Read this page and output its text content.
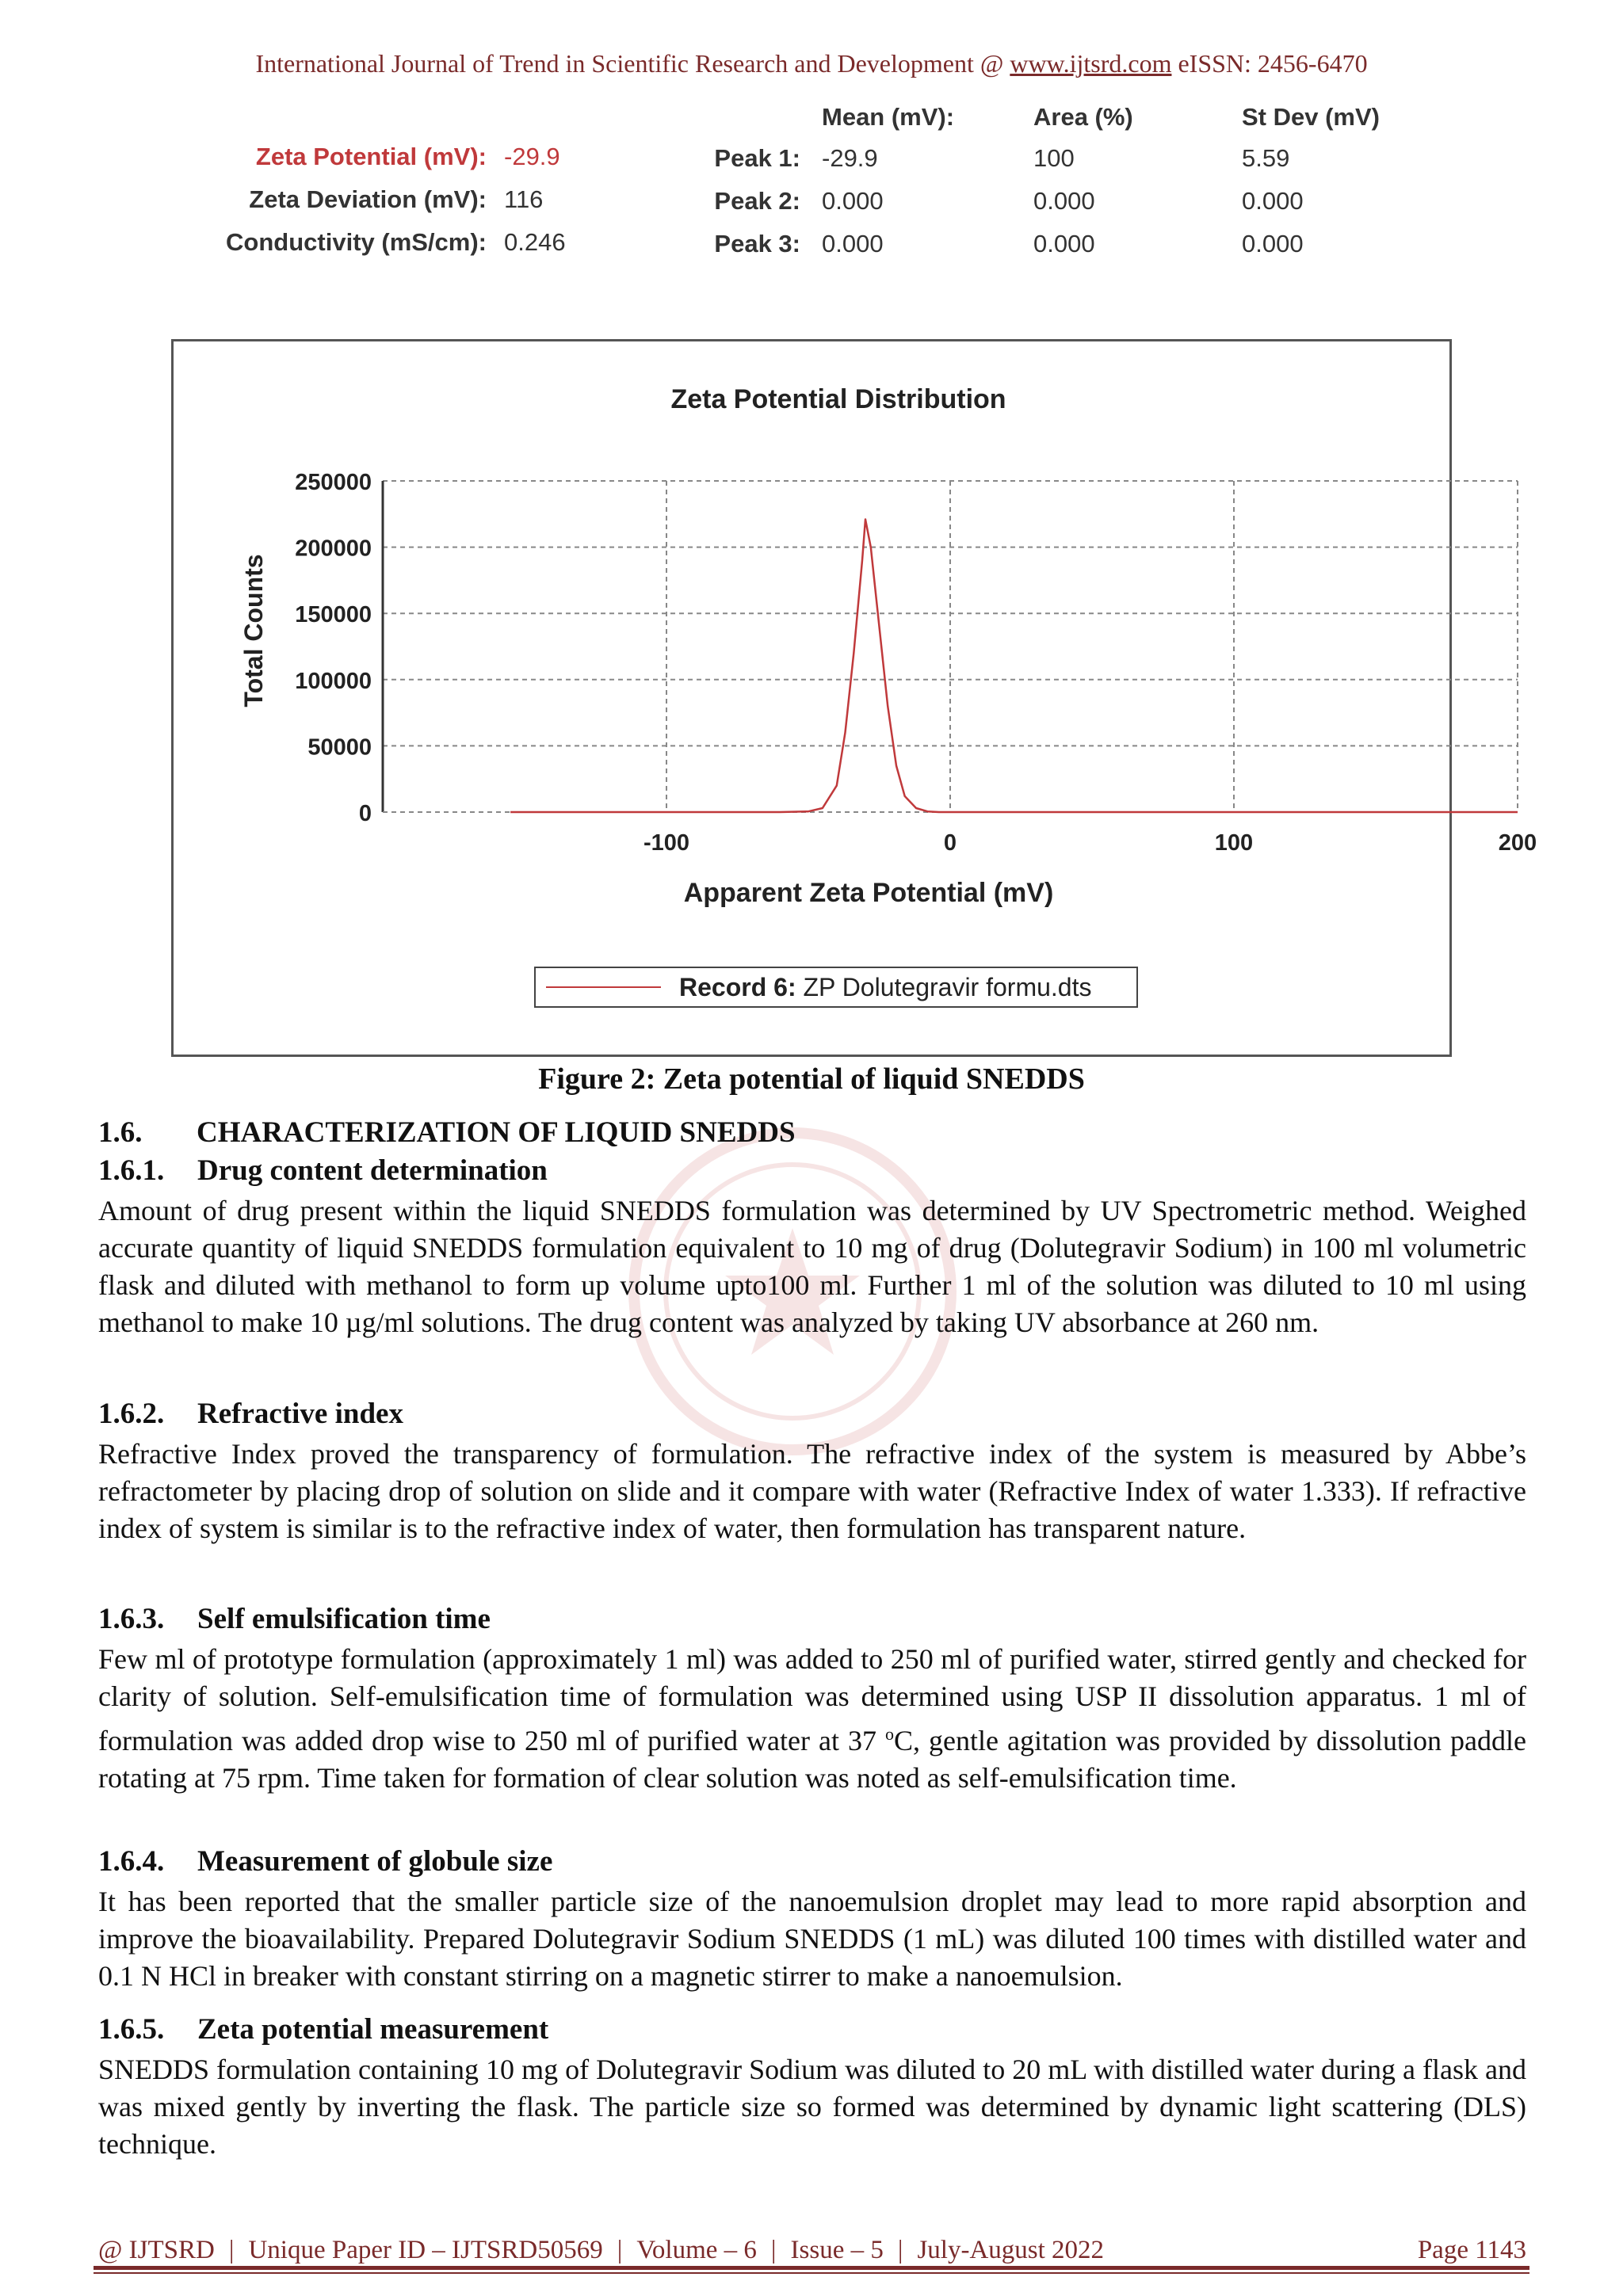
International Journal of Trend in Scientific Research and Development @ www.ijtsrd.com eISSN: 2456-6470
Mean (mV):	Area (%)	St Dev (mV)
Zeta Potential (mV): -29.9
Zeta Deviation (mV): 116
Conductivity (mS/cm): 0.246
Peak 1: -29.9	100	5.59
Peak 2: 0.000	0.000	0.000
Peak 3: 0.000	0.000	0.000
Zeta Potential Distribution
0
50000
100000
150000
200000
250000
-100	0	100	200
Total Counts
Apparent Zeta Potential (mV)
Record 6: ZP Dolutegravir formu.dts
Figure 2: Zeta potential of liquid SNEDDS
1.6. CHARACTERIZATION OF LIQUID SNEDDS
1.6.1. Drug content determination
Amount of drug present within the liquid SNEDDS formulation was determined by UV Spectrometric method. Weighed accurate quantity of liquid SNEDDS formulation equivalent to 10 mg of drug (Dolutegravir Sodium) in 100 ml volumetric flask and diluted with methanol to form up volume upto100 ml. Further 1 ml of the solution was diluted to 10 ml using methanol to make 10 µg/ml solutions. The drug content was analyzed by taking UV absorbance at 260 nm.
1.6.2. Refractive index
Refractive Index proved the transparency of formulation. The refractive index of the system is measured by Abbe’s refractometer by placing drop of solution on slide and it compare with water (Refractive Index of water 1.333). If refractive index of system is similar is to the refractive index of water, then formulation has transparent nature.
1.6.3. Self emulsification time
Few ml of prototype formulation (approximately 1 ml) was added to 250 ml of purified water, stirred gently and checked for clarity of solution. Self-emulsification time of formulation was determined using USP II dissolution apparatus. 1 ml of formulation was added drop wise to 250 ml of purified water at 37 $^o$C, gentle agitation was provided by dissolution paddle rotating at 75 rpm. Time taken for formation of clear solution was noted as self-emulsification time.
1.6.4. Measurement of globule size
It has been reported that the smaller particle size of the nanoemulsion droplet may lead to more rapid absorption and improve the bioavailability. Prepared Dolutegravir Sodium SNEDDS (1 mL) was diluted 100 times with distilled water and 0.1 N HCl in breaker with constant stirring on a magnetic stirrer to make a nanoemulsion.
1.6.5. Zeta potential measurement
SNEDDS formulation containing 10 mg of Dolutegravir Sodium was diluted to 20 mL with distilled water during a flask and was mixed gently by inverting the flask. The particle size so formed was determined by dynamic light scattering (DLS) technique.
@ IJTSRD | Unique Paper ID – IJTSRD50569 | Volume – 6 | Issue – 5 | July-August 2022	Page 1143
